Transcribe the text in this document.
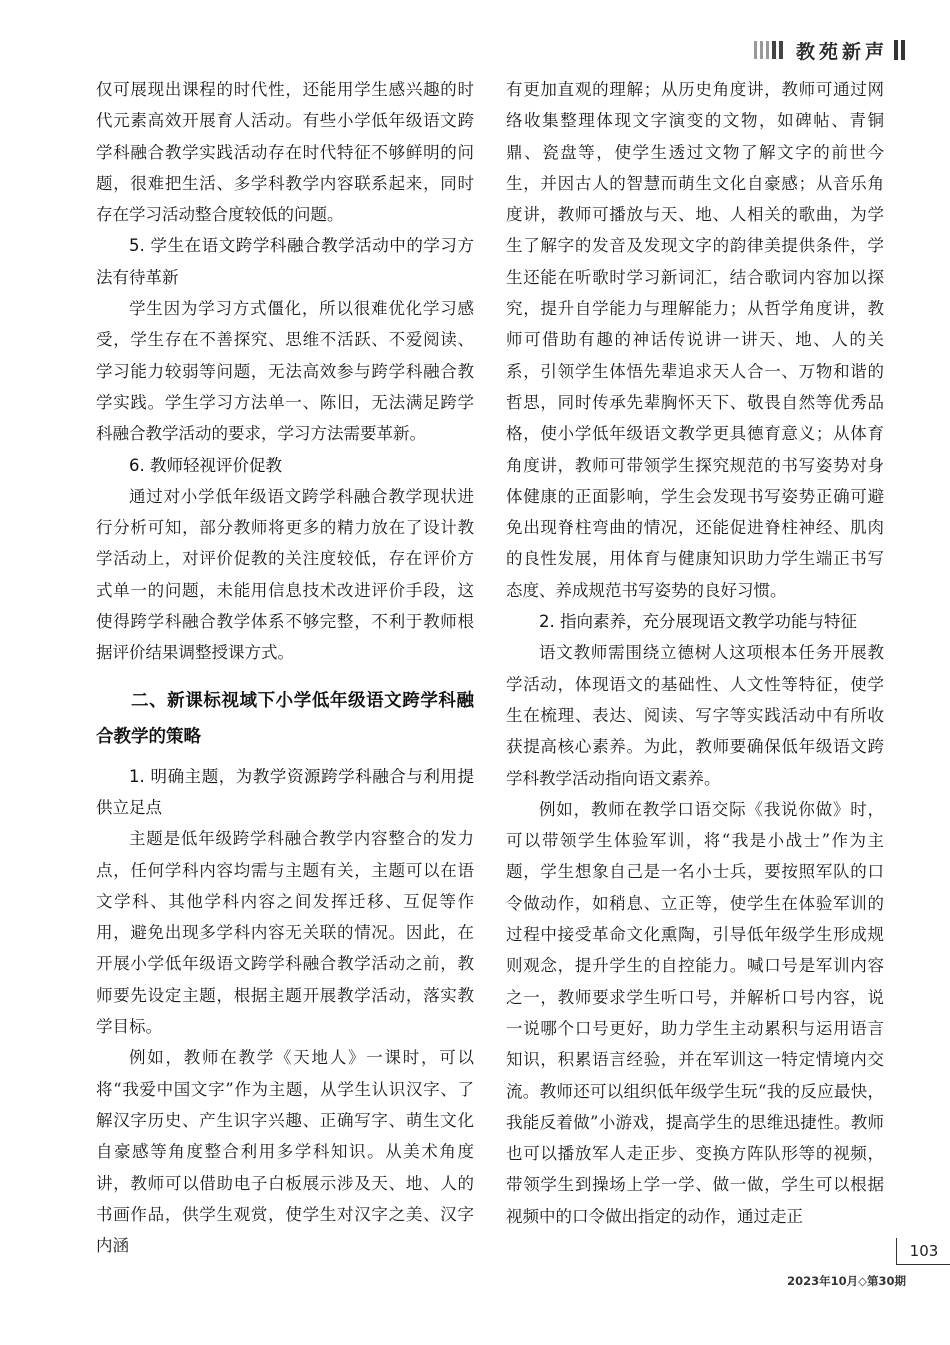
教苑新声

仅可展现出课程的时代性，还能用学生感兴趣的时代元素高效开展育人活动。有些小学低年级语文跨学科融合教学实践活动存在时代特征不够鲜明的问题，很难把生活、多学科教学内容联系起来，同时存在学习活动整合度较低的问题。

5. 学生在语文跨学科融合教学活动中的学习方法有待革新

学生因为学习方式僵化，所以很难优化学习感受，学生存在不善探究、思维不活跃、不爱阅读、学习能力较弱等问题，无法高效参与跨学科融合教学实践。学生学习方法单一、陈旧，无法满足跨学科融合教学活动的要求，学习方法需要革新。

6. 教师轻视评价促教

通过对小学低年级语文跨学科融合教学现状进行分析可知，部分教师将更多的精力放在了设计教学活动上，对评价促教的关注度较低，存在评价方式单一的问题，未能用信息技术改进评价手段，这使得跨学科融合教学体系不够完整，不利于教师根据评价结果调整授课方式。

二、新课标视域下小学低年级语文跨学科融合教学的策略
1. 明确主题，为教学资源跨学科融合与利用提供立足点

主题是低年级跨学科融合教学内容整合的发力点，任何学科内容均需与主题有关，主题可以在语文学科、其他学科内容之间发挥迁移、互促等作用，避免出现多学科内容无关联的情况。因此，在开展小学低年级语文跨学科融合教学活动之前，教师要先设定主题，根据主题开展教学活动，落实教学目标。

例如，教师在教学《天地人》一课时，可以将“我爱中国文字”作为主题，从学生认识汉字、了解汉字历史、产生识字兴趣、正确写字、萌生文化自豪感等角度整合利用多学科知识。从美术角度讲，教师可以借助电子白板展示涉及天、地、人的书画作品，供学生观赏，使学生对汉字之美、汉字内涵

有更加直观的理解；从历史角度讲，教师可通过网络收集整理体现文字演变的文物，如碑帖、青铜鼎、瓷盘等，使学生透过文物了解文字的前世今生，并因古人的智慧而萌生文化自豪感；从音乐角度讲，教师可播放与天、地、人相关的歌曲，为学生了解字的发音及发现文字的韵律美提供条件，学生还能在听歌时学习新词汇，结合歌词内容加以探究，提升自学能力与理解能力；从哲学角度讲，教师可借助有趣的神话传说讲一讲天、地、人的关系，引领学生体悟先辈追求天人合一、万物和谐的哲思，同时传承先辈胸怀天下、敬畏自然等优秀品格，使小学低年级语文教学更具德育意义；从体育角度讲，教师可带领学生探究规范的书写姿势对身体健康的正面影响，学生会发现书写姿势正确可避免出现脊柱弯曲的情况，还能促进脊柱神经、肌肉的良性发展，用体育与健康知识助力学生端正书写态度、养成规范书写姿势的良好习惯。

2. 指向素养，充分展现语文教学功能与特征

语文教师需围绕立德树人这项根本任务开展教学活动，体现语文的基础性、人文性等特征，使学生在梳理、表达、阅读、写字等实践活动中有所收获提高核心素养。为此，教师要确保低年级语文跨学科教学活动指向语文素养。

例如，教师在教学口语交际《我说你做》时，可以带领学生体验军训，将“我是小战士”作为主题，学生想象自己是一名小士兵，要按照军队的口令做动作，如稍息、立正等，使学生在体验军训的过程中接受革命文化熏陶，引导低年级学生形成规则观念，提升学生的自控能力。喊口号是军训内容之一，教师要求学生听口号，并解析口号内容，说一说哪个口号更好，助力学生主动累积与运用语言知识，积累语言经验，并在军训这一特定情境内交流。教师还可以组织低年级学生玩“我的反应最快，我能反着做”小游戏，提高学生的思维迅捷性。教师也可以播放军人走正步、变换方阵队形等的视频，带领学生到操场上学一学、做一做，学生可以根据视频中的口令做出指定的动作，通过走正

103
2023年10月◇第30期
